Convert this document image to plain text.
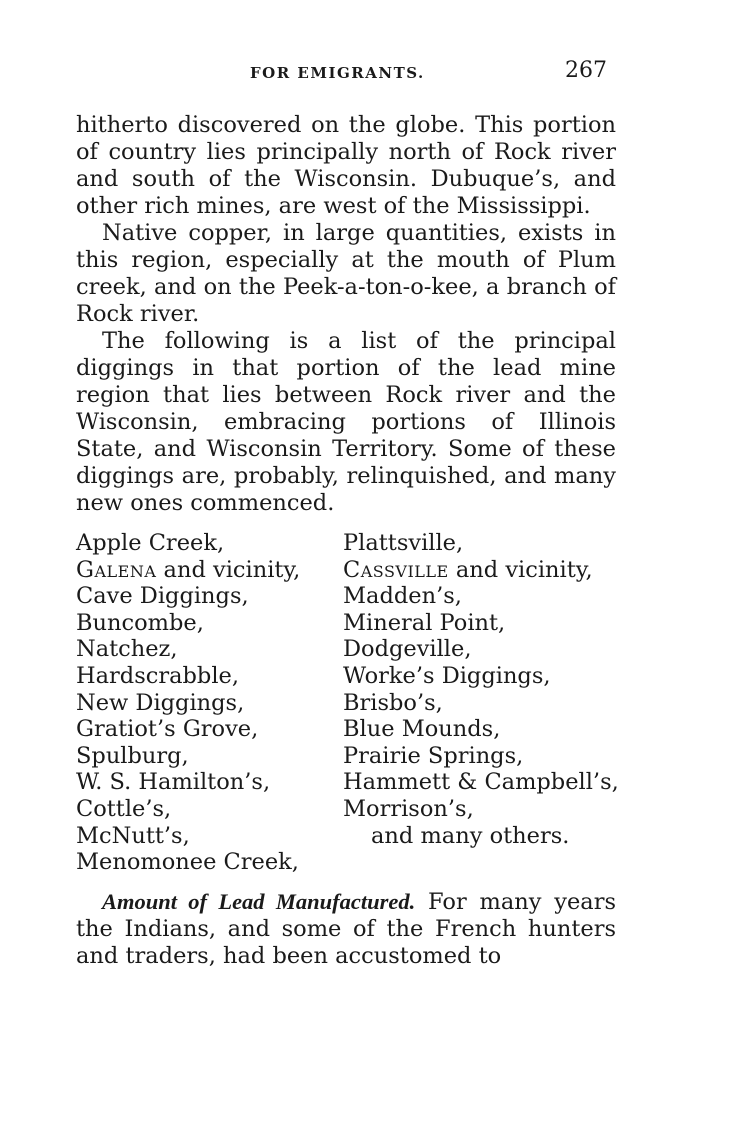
FOR EMIGRANTS.	267

hitherto discovered on the globe. This portion of country lies principally north of Rock river and south of the Wisconsin. Dubuque’s, and other rich mines, are west of the Mississippi.

Native copper, in large quantities, exists in this region, especially at the mouth of Plum creek, and on the Peek-a-ton-o-kee, a branch of Rock river.

The following is a list of the principal diggings in that portion of the lead mine region that lies between Rock river and the Wisconsin, embracing portions of Illinois State, and Wisconsin Territory. Some of these diggings are, probably, relinquished, and many new ones commenced.

Apple Creek,
Galena and vicinity,
Cave Diggings,
Buncombe,
Natchez,
Hardscrabble,
New Diggings,
Gratiot’s Grove,
Spulburg,
W. S. Hamilton’s,
Cottle’s,
McNutt’s,
Menomonee Creek,
Plattsville,
Cassville and vicinity,
Madden’s,
Mineral Point,
Dodgeville,
Worke’s Diggings,
Brisbo’s,
Blue Mounds,
Prairie Springs,
Hammett & Campbell’s,
Morrison’s,
and many others.

Amount of Lead Manufactured. For many years the Indians, and some of the French hunters and traders, had been accustomed to
